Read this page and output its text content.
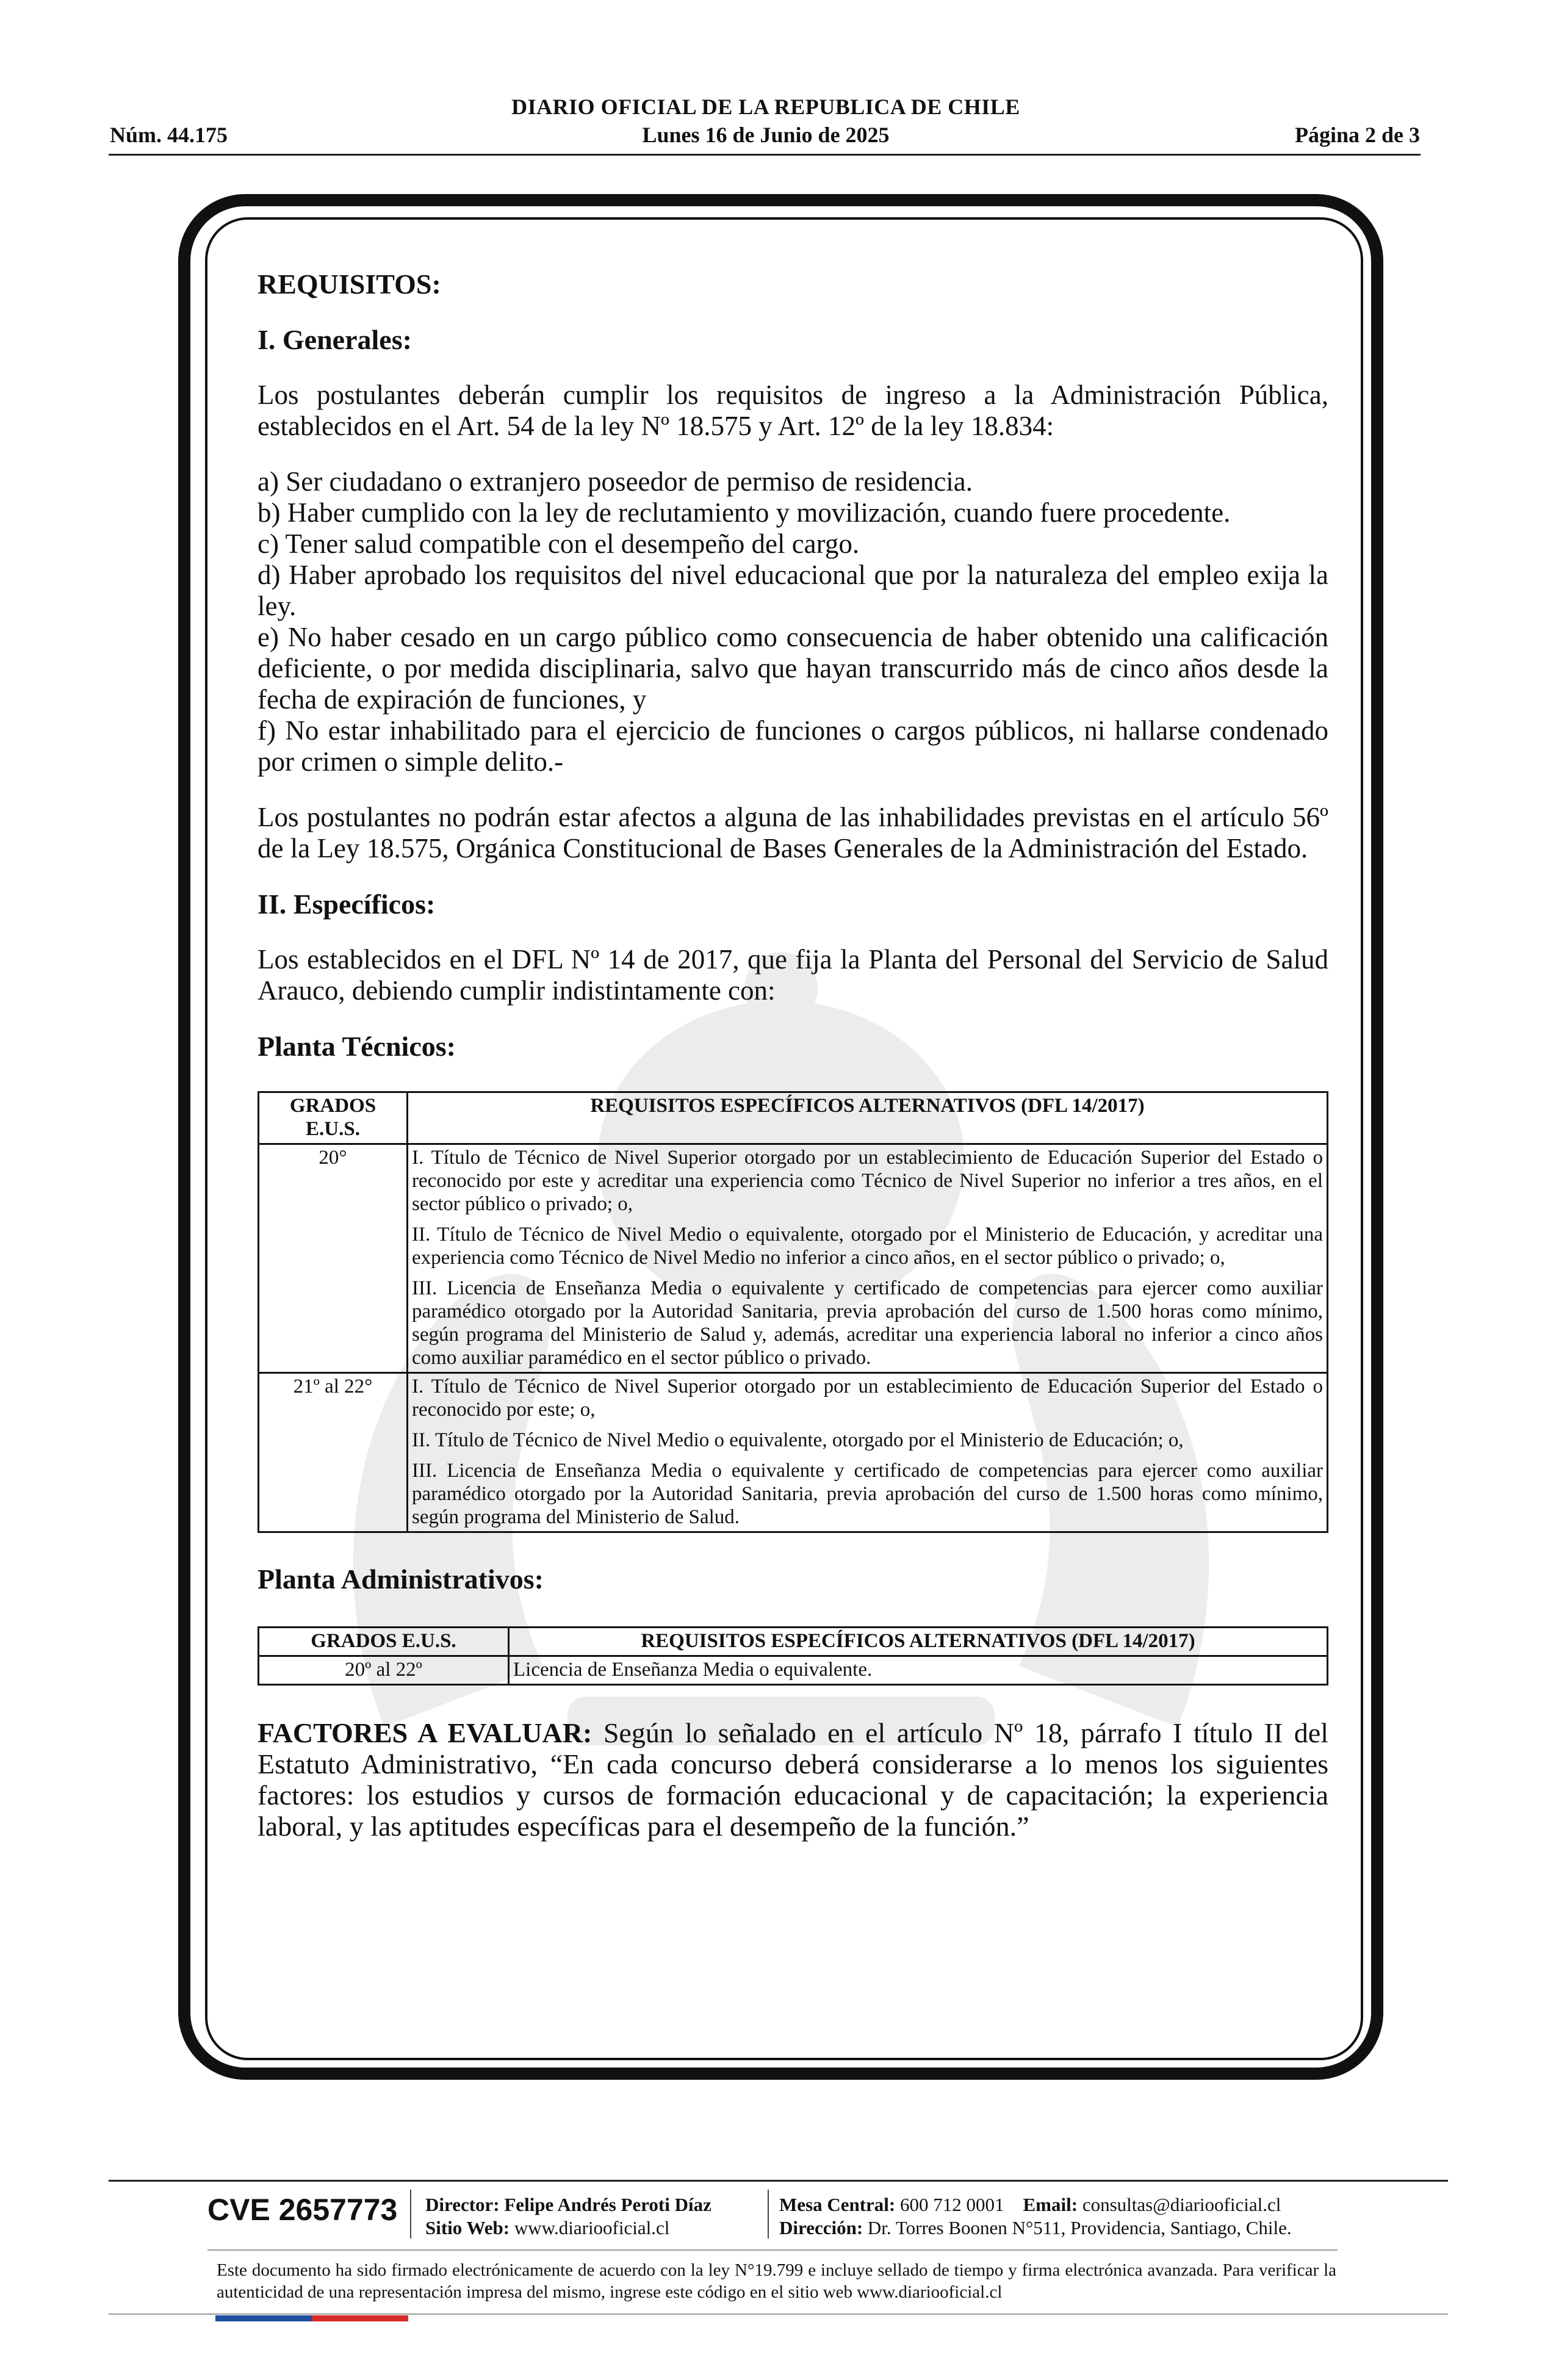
DIARIO OFICIAL DE LA REPUBLICA DE CHILE
Núm. 44.175	Lunes 16 de Junio de 2025	Página 2 de 3

REQUISITOS:

I. Generales:

Los postulantes deberán cumplir los requisitos de ingreso a la Administración Pública, establecidos en el Art. 54 de la ley Nº 18.575 y Art. 12º de la ley 18.834:

a) Ser ciudadano o extranjero poseedor de permiso de residencia.

b) Haber cumplido con la ley de reclutamiento y movilización, cuando fuere procedente.

c) Tener salud compatible con el desempeño del cargo.

d) Haber aprobado los requisitos del nivel educacional que por la naturaleza del empleo exija la ley.

e) No haber cesado en un cargo público como consecuencia de haber obtenido una calificación deficiente, o por medida disciplinaria, salvo que hayan transcurrido más de cinco años desde la fecha de expiración de funciones, y

f) No estar inhabilitado para el ejercicio de funciones o cargos públicos, ni hallarse condenado por crimen o simple delito.-

Los postulantes no podrán estar afectos a alguna de las inhabilidades previstas en el artículo 56º de la Ley 18.575, Orgánica Constitucional de Bases Generales de la Administración del Estado.

II. Específicos:

Los establecidos en el DFL Nº 14 de 2017, que fija la Planta del Personal del Servicio de Salud Arauco, debiendo cumplir indistintamente con:

Planta Técnicos:

GRADOS E.U.S.	REQUISITOS ESPECÍFICOS ALTERNATIVOS (DFL 14/2017)
20°	I. Título de Técnico de Nivel Superior otorgado por un establecimiento de Educación Superior del Estado o reconocido por este y acreditar una experiencia como Técnico de Nivel Superior no inferior a tres años, en el sector público o privado; o,

II. Título de Técnico de Nivel Medio o equivalente, otorgado por el Ministerio de Educación, y acreditar una experiencia como Técnico de Nivel Medio no inferior a cinco años, en el sector público o privado; o,

III. Licencia de Enseñanza Media o equivalente y certificado de competencias para ejercer como auxiliar paramédico otorgado por la Autoridad Sanitaria, previa aprobación del curso de 1.500 horas como mínimo, según programa del Ministerio de Salud y, además, acreditar una experiencia laboral no inferior a cinco años como auxiliar paramédico en el sector público o privado.

21º al 22°	I. Título de Técnico de Nivel Superior otorgado por un establecimiento de Educación Superior del Estado o reconocido por este; o,

II. Título de Técnico de Nivel Medio o equivalente, otorgado por el Ministerio de Educación; o,

III. Licencia de Enseñanza Media o equivalente y certificado de competencias para ejercer como auxiliar paramédico otorgado por la Autoridad Sanitaria, previa aprobación del curso de 1.500 horas como mínimo, según programa del Ministerio de Salud.

Planta Administrativos:

GRADOS E.U.S.	REQUISITOS ESPECÍFICOS ALTERNATIVOS (DFL 14/2017)
20º al 22º	Licencia de Enseñanza Media o equivalente.

FACTORES A EVALUAR: Según lo señalado en el artículo Nº 18, párrafo I título II del Estatuto Administrativo, “En cada concurso deberá considerarse a lo menos los siguientes factores: los estudios y cursos de formación educacional y de capacitación; la experiencia laboral, y las aptitudes específicas para el desempeño de la función.”

CVE 2657773 Director: Felipe Andrés Peroti Díaz
Sitio Web: www.diariooficial.cl
Mesa Central: 600 712 0001 Email: consultas@diariooficial.cl
Dirección: Dr. Torres Boonen N°511, Providencia, Santiago, Chile.
Este documento ha sido firmado electrónicamente de acuerdo con la ley N°19.799 e incluye sellado de tiempo y firma electrónica avanzada. Para verificar la autenticidad de una representación impresa del mismo, ingrese este código en el sitio web www.diariooficial.cl
